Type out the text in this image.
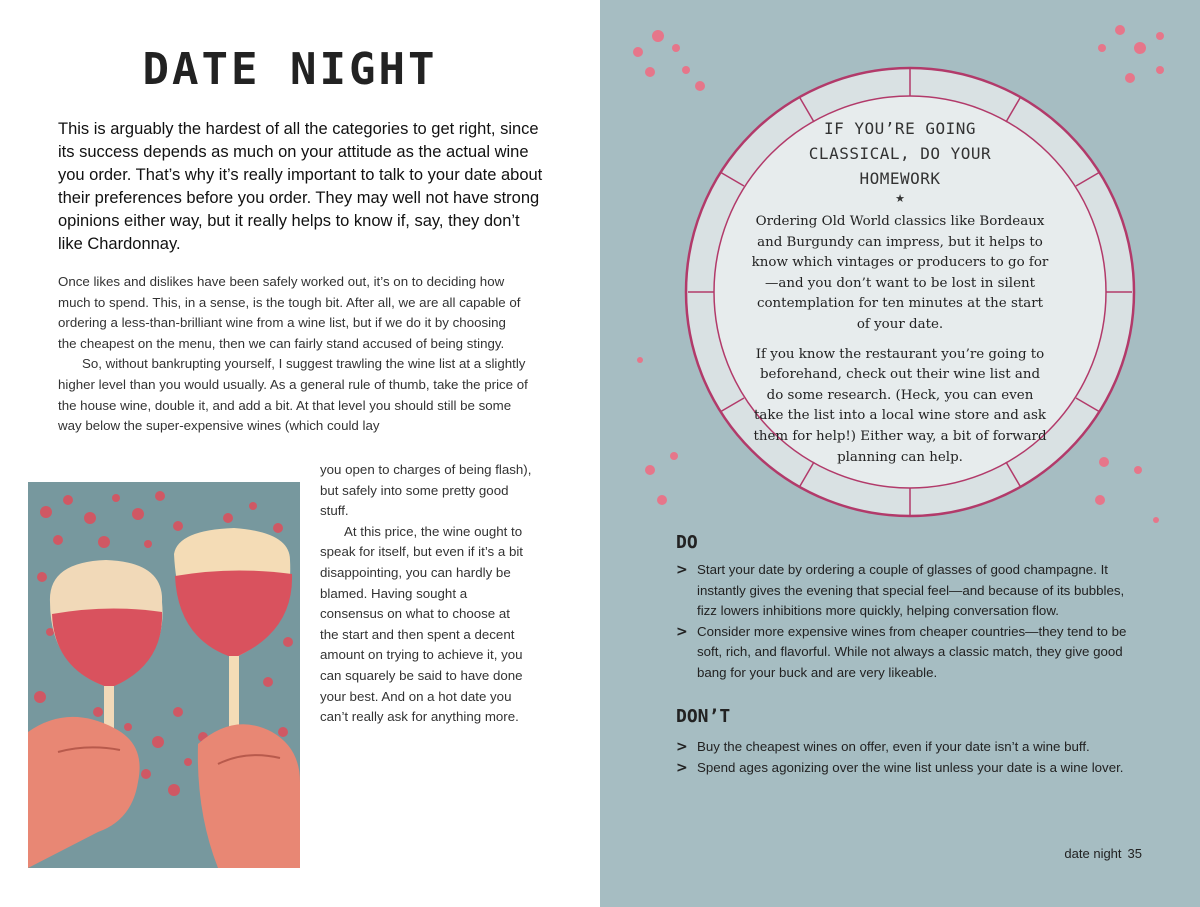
DATE NIGHT

This is arguably the hardest of all the categories to get right, since its success depends as much on your attitude as the actual wine you order. That’s why it’s really important to talk to your date about their preferences before you order. They may well not have strong opinions either way, but it really helps to know if, say, they don’t like Chardonnay.

Once likes and dislikes have been safely worked out, it’s on to deciding how much to spend. This, in a sense, is the tough bit. After all, we are all capable of ordering a less-than-brilliant wine from a wine list, but if we do it by choosing the cheapest on the menu, then we can fairly stand accused of being stingy.

So, without bankrupting yourself, I suggest trawling the wine list at a slightly higher level than you would usually. As a general rule of thumb, take the price of the house wine, double it, and add a bit. At that level you should still be some way below the super-expensive wines (which could lay

you open to charges of being flash), but safely into some pretty good stuff.

At this price, the wine ought to speak for itself, but even if it’s a bit disappointing, you can hardly be blamed. Having sought a consensus on what to choose at the start and then spent a decent amount on trying to achieve it, you can squarely be said to have done your best. And on a hot date you can’t really ask for anything more.

IF YOU’RE GOING CLASSICAL, DO YOUR HOMEWORK
★

Ordering Old World classics like Bordeaux and Burgundy can impress, but it helps to know which vintages or producers to go for—and you don’t want to be lost in silent contemplation for ten minutes at the start of your date.

If you know the restaurant you’re going to beforehand, check out their wine list and do some research. (Heck, you can even take the list into a local wine store and ask them for help!) Either way, a bit of forward planning can help.

DO
> Start your date by ordering a couple of glasses of good champagne. It instantly gives the evening that special feel—and because of its bubbles, fizz lowers inhibitions more quickly, helping conversation flow.
> Consider more expensive wines from cheaper countries—they tend to be soft, rich, and flavorful. While not always a classic match, they give good bang for your buck and are very likeable.
DON’T
> Buy the cheapest wines on offer, even if your date isn’t a wine buff.
> Spend ages agonizing over the wine list unless your date is a wine lover.
date night 35
